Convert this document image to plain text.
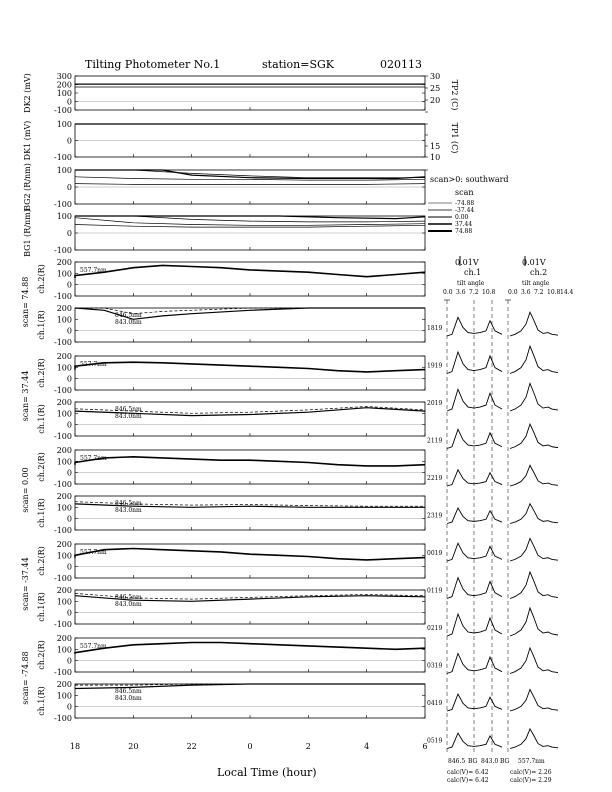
Tilting Photometer No.1	station=SGK	020113
Local Time (hour)
scan>0: southward
scan
0.01V	0.01V
ch.1	ch.2
tilt angle	tilt angle
846.5 BG 843.0 BG 557.7nm
calc(V)= 6.42
calc(V)= 6.42
calc(V)= 2.26
calc(V)= 2.29
300
200
100
0
-100
100
0
-100
100
0
-100
100
0
-100
200
100
0
-100
200
100
0
-100
200
100
0
-100
200
100
0
-100
200
100
0
-100
200
100
0
-100
200
100
0
-100
200
100
0
-100
200
100
0
-100
200
100
0
-100
18	20	22	0	2	4	6
DK2 (mV)
DK1 (mV)
BG2 (R/nm)
BG1 (R/nm)
ch.2(R)
ch.1(R)
scan= 74.88
557.7nm
846.5nm
843.0nm
ch.2(R)
ch.1(R)
scan= 37.44
557.7nm
846.5nm
843.0nm
ch.2(R)
ch.1(R)
scan= 0.00
557.7nm
846.5nm
843.0nm
ch.2(R)
ch.1(R)
scan= -37.44
557.7nm
846.5nm
843.0nm
ch.2(R)
ch.1(R)
scan= -74.88
557.7nm
846.5nm
843.0nm
30
25
20
15
10
TP2 (C)
TP1 (C)
-74.88
-37.44
0.00
37.44
74.88
0.0 3.6 7.2 10.8 0.0 3.6 7.2 10.8 14.4
1819
1919
2019
2119
2219
2319
0019
0119
0219
0319
0419
0519
